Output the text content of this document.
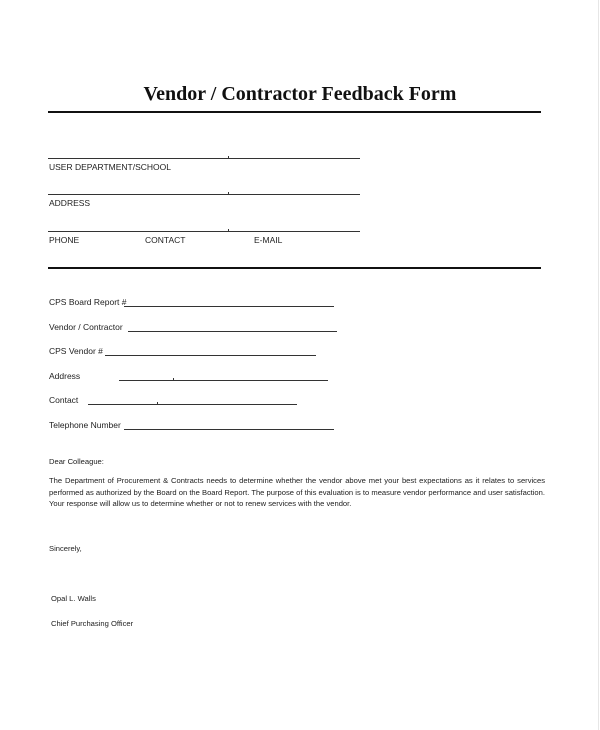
Vendor / Contractor Feedback Form
USER DEPARTMENT/SCHOOL
ADDRESS
PHONE	CONTACT	E-MAIL
CPS Board Report #
Vendor / Contractor
CPS Vendor #
Address
Contact
Telephone Number
Dear Colleague:
The Department of Procurement & Contracts needs to determine whether the vendor above met your best expectations as it relates to services performed as authorized by the Board on the Board Report. The purpose of this evaluation is to measure vendor performance and user satisfaction. Your response will allow us to determine whether or not to renew services with the vendor.
Sincerely,
Opal L. Walls
Chief Purchasing Officer
